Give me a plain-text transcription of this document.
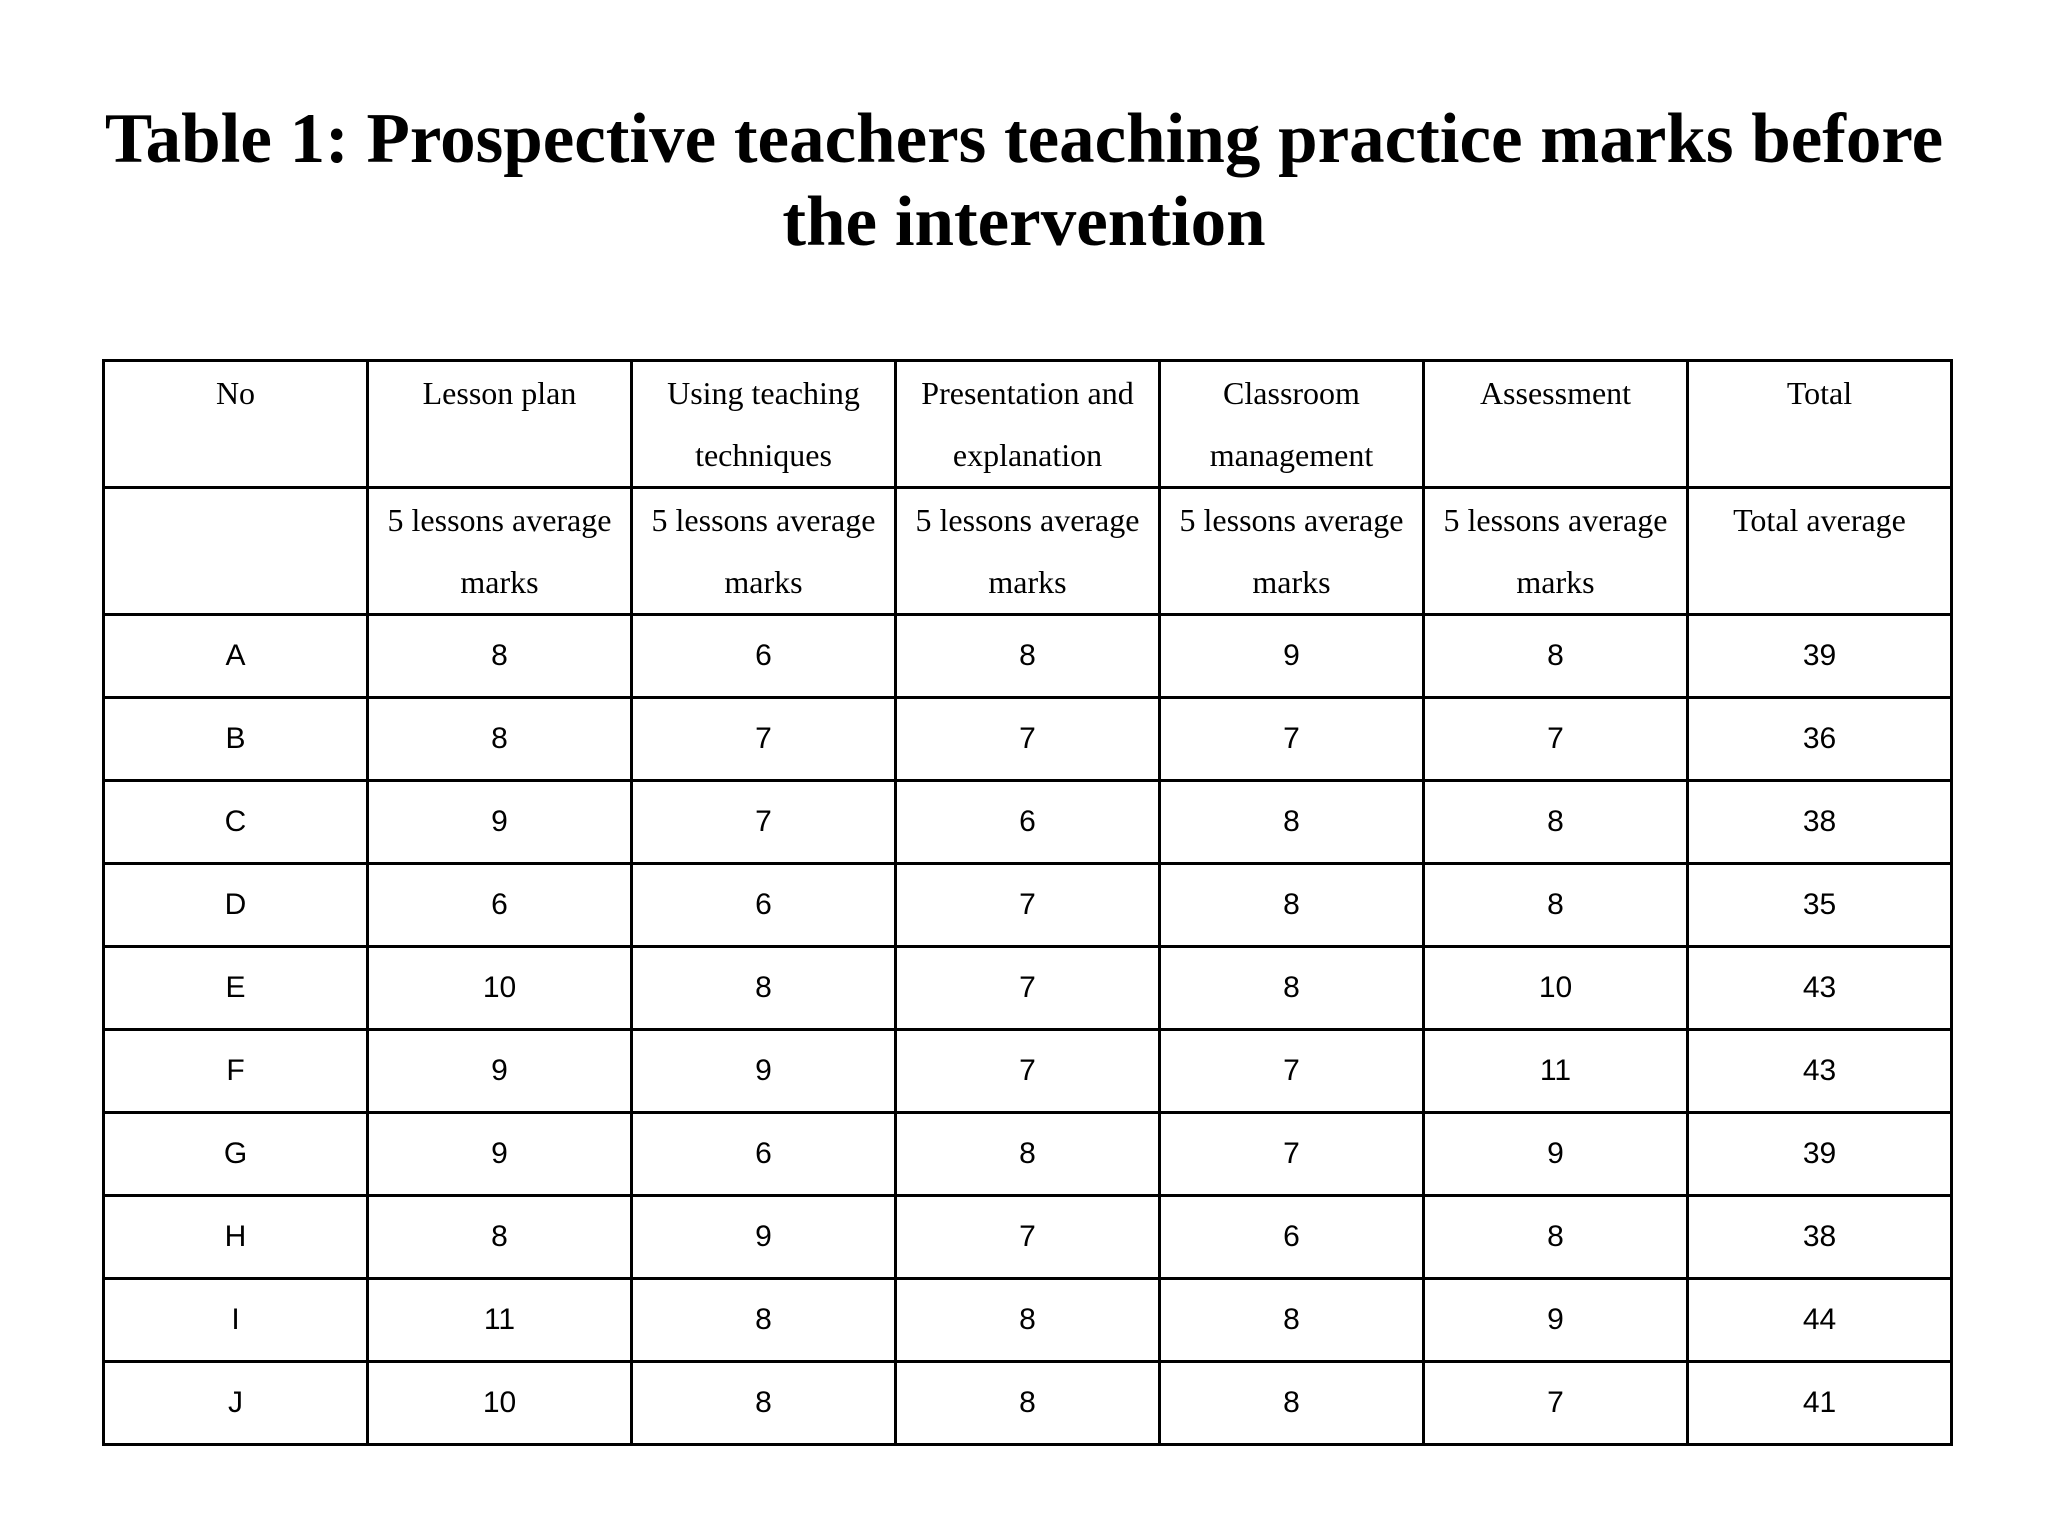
Table 1: Prospective teachers teaching practice marks before
the intervention
No	Lesson plan	Using teaching techniques	Presentation and explanation	Classroom management	Assessment	Total

	5 lessons average marks	5 lessons average marks	5 lessons average marks	5 lessons average marks	5 lessons average marks	Total average

A	8	6	8	9	8	39
B	8	7	7	7	7	36
C	9	7	6	8	8	38
D	6	6	7	8	8	35
E	10	8	7	8	10	43
F	9	9	7	7	11	43
G	9	6	8	7	9	39
H	8	9	7	6	8	38
I	11	8	8	8	9	44
J	10	8	8	8	7	41
